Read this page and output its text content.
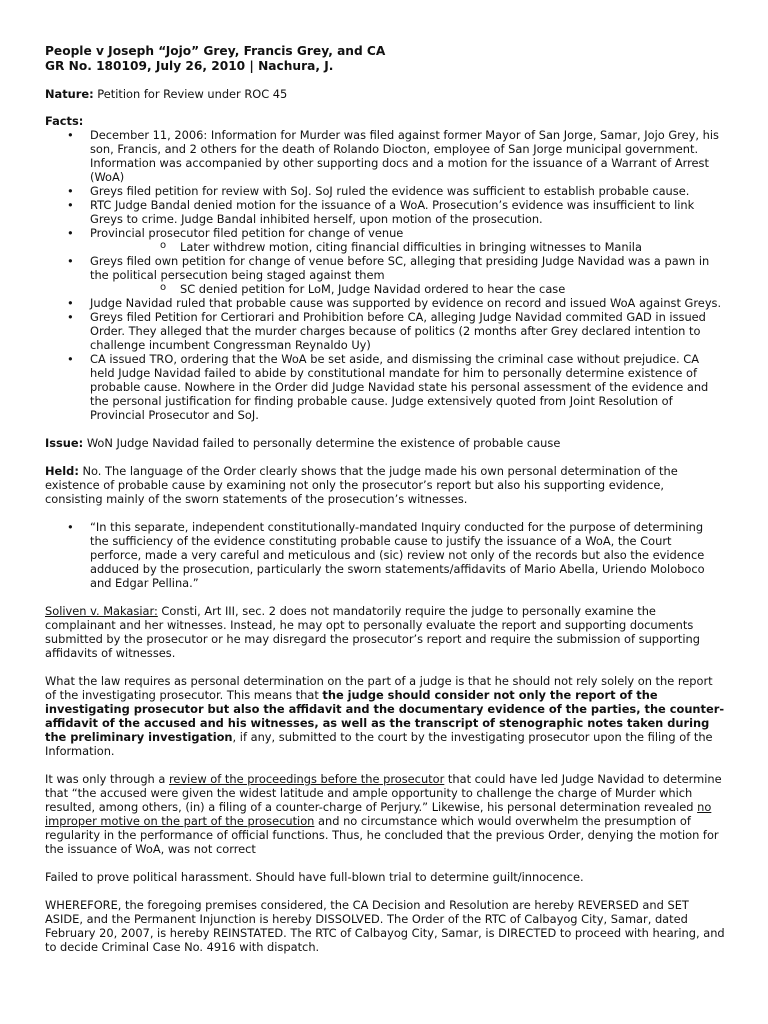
People v Joseph “Jojo” Grey, Francis Grey, and CA

GR No. 180109, July 26, 2010 | Nachura, J.

Nature: Petition for Review under ROC 45

Facts:

• December 11, 2006: Information for Murder was filed against former Mayor of San Jorge, Samar, Jojo Grey, his son, Francis, and 2 others for the death of Rolando Diocton, employee of San Jorge municipal government. Information was accompanied by other supporting docs and a motion for the issuance of a Warrant of Arrest (WoA)
• Greys filed petition for review with SoJ. SoJ ruled the evidence was sufficient to establish probable cause.
• RTC Judge Bandal denied motion for the issuance of a WoA. Prosecution’s evidence was insufficient to link Greys to crime. Judge Bandal inhibited herself, upon motion of the prosecution.
• Provincial prosecutor filed petition for change of venue
o Later withdrew motion, citing financial difficulties in bringing witnesses to Manila
• Greys filed own petition for change of venue before SC, alleging that presiding Judge Navidad was a pawn in the political persecution being staged against them
o SC denied petition for LoM, Judge Navidad ordered to hear the case
• Judge Navidad ruled that probable cause was supported by evidence on record and issued WoA against Greys.
• Greys filed Petition for Certiorari and Prohibition before CA, alleging Judge Navidad commited GAD in issued Order. They alleged that the murder charges because of politics (2 months after Grey declared intention to challenge incumbent Congressman Reynaldo Uy)
• CA issued TRO, ordering that the WoA be set aside, and dismissing the criminal case without prejudice. CA held Judge Navidad failed to abide by constitutional mandate for him to personally determine existence of probable cause. Nowhere in the Order did Judge Navidad state his personal assessment of the evidence and the personal justification for finding probable cause. Judge extensively quoted from Joint Resolution of Provincial Prosecutor and SoJ.

Issue: WoN Judge Navidad failed to personally determine the existence of probable cause

Held: No. The language of the Order clearly shows that the judge made his own personal determination of the existence of probable cause by examining not only the prosecutor’s report but also his supporting evidence, consisting mainly of the sworn statements of the prosecution’s witnesses.

• “In this separate, independent constitutionally-mandated Inquiry conducted for the purpose of determining the sufficiency of the evidence constituting probable cause to justify the issuance of a WoA, the Court perforce, made a very careful and meticulous and (sic) review not only of the records but also the evidence adduced by the prosecution, particularly the sworn statements/affidavits of Mario Abella, Uriendo Moloboco and Edgar Pellina.”

Soliven v. Makasiar: Consti, Art III, sec. 2 does not mandatorily require the judge to personally examine the complainant and her witnesses. Instead, he may opt to personally evaluate the report and supporting documents submitted by the prosecutor or he may disregard the prosecutor’s report and require the submission of supporting affidavits of witnesses.

What the law requires as personal determination on the part of a judge is that he should not rely solely on the report of the investigating prosecutor. This means that the judge should consider not only the report of the investigating prosecutor but also the affidavit and the documentary evidence of the parties, the counter-affidavit of the accused and his witnesses, as well as the transcript of stenographic notes taken during the preliminary investigation, if any, submitted to the court by the investigating prosecutor upon the filing of the Information.

It was only through a review of the proceedings before the prosecutor that could have led Judge Navidad to determine that “the accused were given the widest latitude and ample opportunity to challenge the charge of Murder which resulted, among others, (in) a filing of a counter-charge of Perjury.” Likewise, his personal determination revealed no improper motive on the part of the prosecution and no circumstance which would overwhelm the presumption of regularity in the performance of official functions. Thus, he concluded that the previous Order, denying the motion for the issuance of WoA, was not correct

Failed to prove political harassment. Should have full-blown trial to determine guilt/innocence.

WHEREFORE, the foregoing premises considered, the CA Decision and Resolution are hereby REVERSED and SET ASIDE, and the Permanent Injunction is hereby DISSOLVED. The Order of the RTC of Calbayog City, Samar, dated February 20, 2007, is hereby REINSTATED. The RTC of Calbayog City, Samar, is DIRECTED to proceed with hearing, and to decide Criminal Case No. 4916 with dispatch.
